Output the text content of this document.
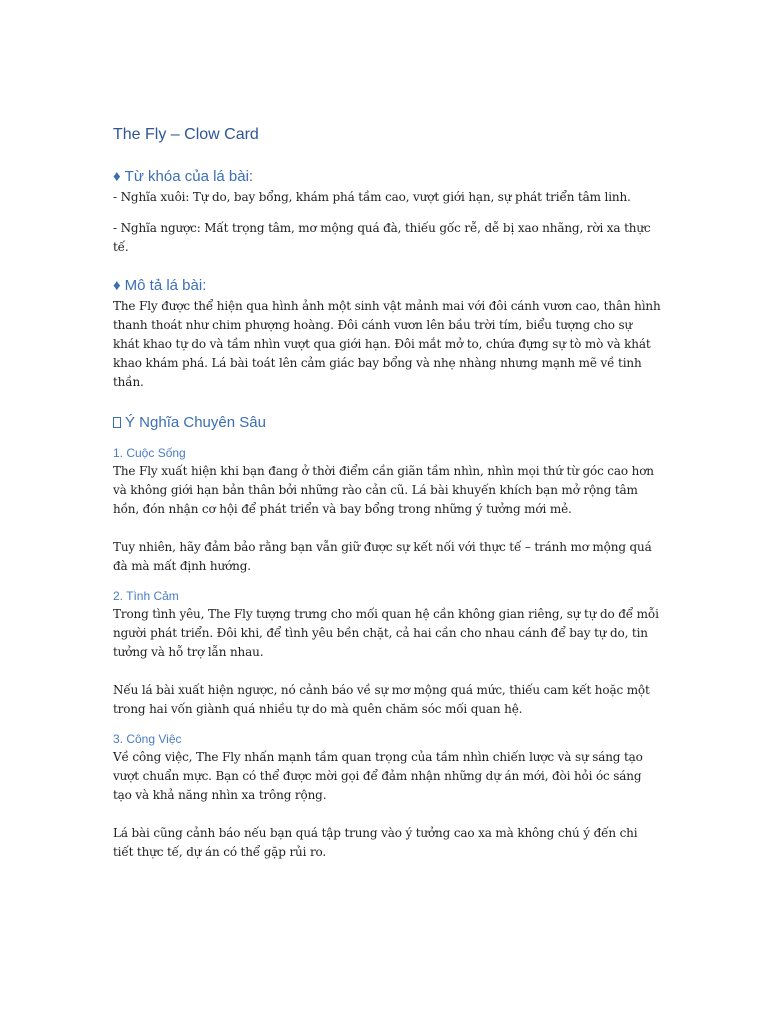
The Fly – Clow Card
♦ Từ khóa của lá bài:

- Nghĩa xuôi: Tự do, bay bổng, khám phá tầm cao, vượt giới hạn, sự phát triển tâm linh.

- Nghĩa ngược: Mất trọng tâm, mơ mộng quá đà, thiếu gốc rễ, dễ bị xao nhãng, rời xa thực tế.

♦ Mô tả lá bài:

The Fly được thể hiện qua hình ảnh một sinh vật mảnh mai với đôi cánh vươn cao, thân hình thanh thoát như chim phượng hoàng. Đôi cánh vươn lên bầu trời tím, biểu tượng cho sự khát khao tự do và tầm nhìn vượt qua giới hạn. Đôi mắt mở to, chứa đựng sự tò mò và khát khao khám phá. Lá bài toát lên cảm giác bay bổng và nhẹ nhàng nhưng mạnh mẽ về tinh thần.

Ý Nghĩa Chuyên Sâu
1. Cuộc Sống

The Fly xuất hiện khi bạn đang ở thời điểm cần giãn tầm nhìn, nhìn mọi thứ từ góc cao hơn và không giới hạn bản thân bởi những rào cản cũ. Lá bài khuyến khích bạn mở rộng tâm hồn, đón nhận cơ hội để phát triển và bay bổng trong những ý tưởng mới mẻ.

Tuy nhiên, hãy đảm bảo rằng bạn vẫn giữ được sự kết nối với thực tế – tránh mơ mộng quá đà mà mất định hướng.

2. Tình Cảm

Trong tình yêu, The Fly tượng trưng cho mối quan hệ cần không gian riêng, sự tự do để mỗi người phát triển. Đôi khi, để tình yêu bền chặt, cả hai cần cho nhau cánh để bay tự do, tin tưởng và hỗ trợ lẫn nhau.

Nếu lá bài xuất hiện ngược, nó cảnh báo về sự mơ mộng quá mức, thiếu cam kết hoặc một trong hai vốn giành quá nhiều tự do mà quên chăm sóc mối quan hệ.

3. Công Việc

Về công việc, The Fly nhấn mạnh tầm quan trọng của tầm nhìn chiến lược và sự sáng tạo vượt chuẩn mực. Bạn có thể được mời gọi để đảm nhận những dự án mới, đòi hỏi óc sáng tạo và khả năng nhìn xa trông rộng.

Lá bài cũng cảnh báo nếu bạn quá tập trung vào ý tưởng cao xa mà không chú ý đến chi tiết thực tế, dự án có thể gặp rủi ro.
